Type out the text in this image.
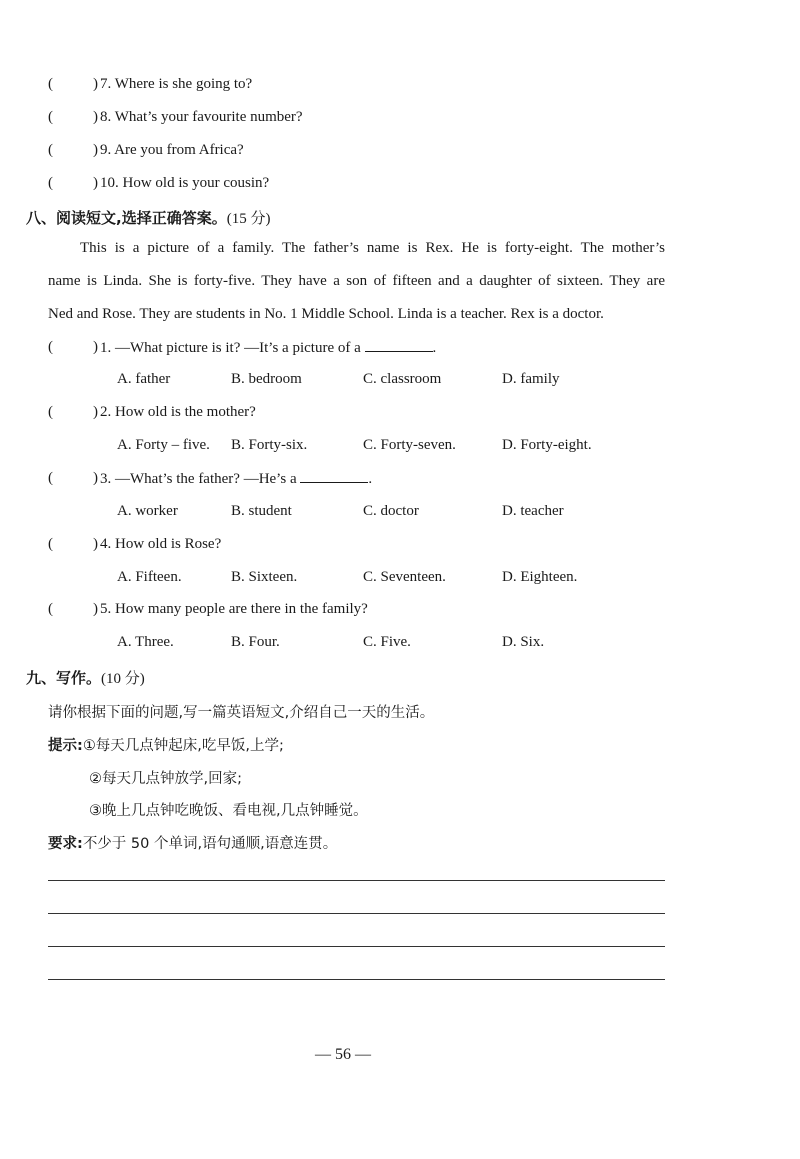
(	) 7. Where is she going to?
(	) 8. What’s your favourite number?
(	) 9. Are you from Africa?
(	) 10. How old is your cousin?
八、阅读短文,选择正确答案。(15 分)
This is a picture of a family. The father’s name is Rex. He is forty-eight. The mother’s
name is Linda. She is forty-five. They have a son of fifteen and a daughter of sixteen. They are
Ned and Rose. They are students in No. 1 Middle School. Linda is a teacher. Rex is a doctor.
(	) 1. —What picture is it? —It’s a picture of a	.
A. father	B. bedroom	C. classroom	D. family
(	) 2. How old is the mother?
A. Forty – five. B. Forty-six.	C. Forty-seven.	D. Forty-eight.
(	) 3. —What’s the father? —He’s a	.
A. worker	B. student	C. doctor	D. teacher
(	) 4. How old is Rose?
A. Fifteen.	B. Sixteen.	C. Seventeen.	D. Eighteen.
(	) 5. How many people are there in the family?
A. Three.	B. Four.	C. Five.	D. Six.
九、写作。(10 分)
请你根据下面的问题,写一篇英语短文,介绍自己一天的生活。
提示:①每天几点钟起床,吃早饭,上学;
②每天几点钟放学,回家;
③晚上几点钟吃晚饭、看电视,几点钟睡觉。
要求:不少于 50 个单词,语句通顺,语意连贯。
— 56 —
